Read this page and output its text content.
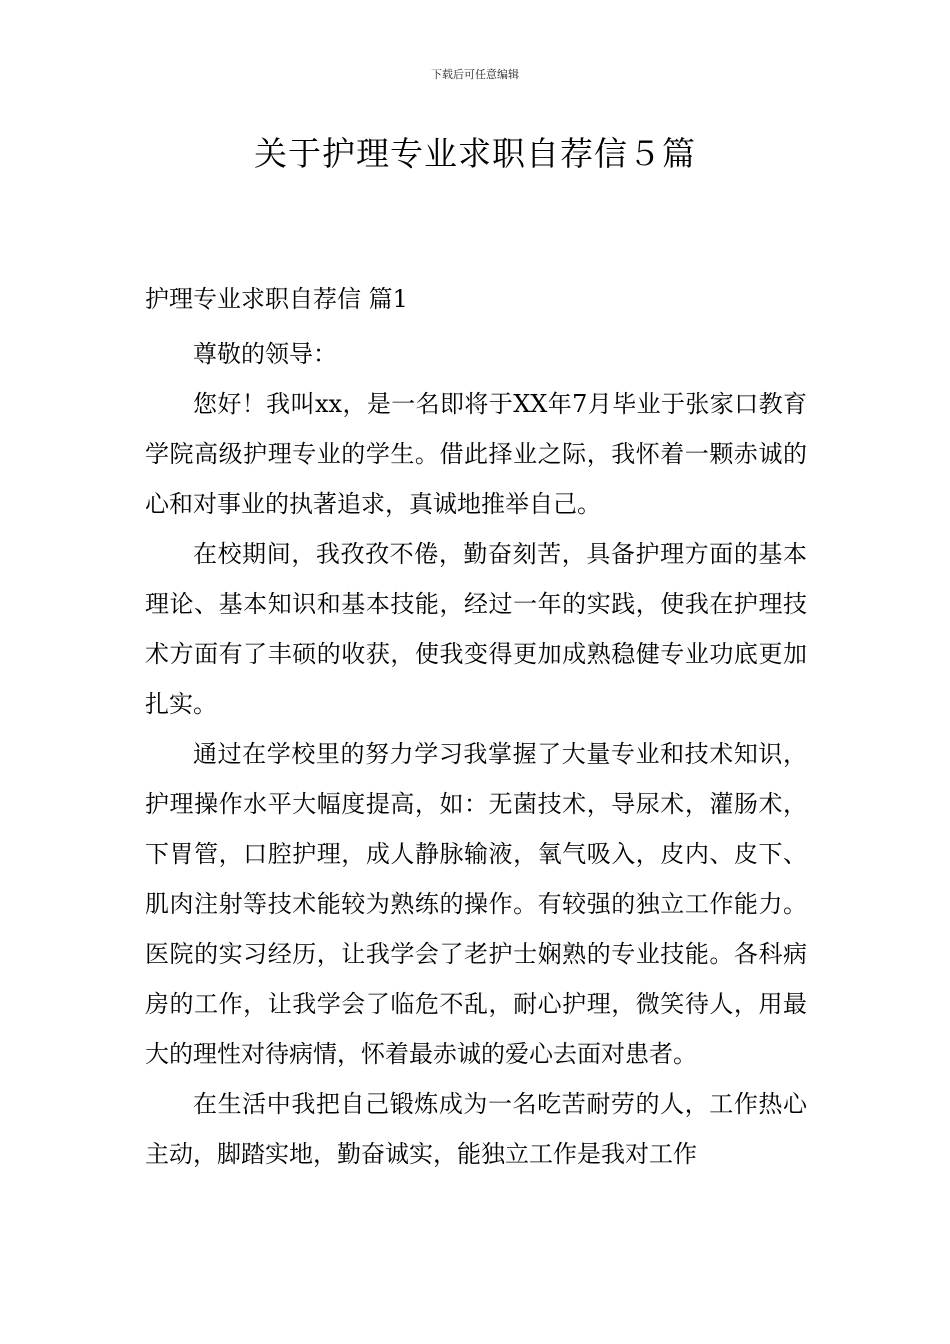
下载后可任意编辑
关于护理专业求职自荐信５篇
护理专业求职自荐信 篇1

尊敬的领导：

您好！我叫xx，是一名即将于XX年7月毕业于张家口教育学院高级护理专业的学生。借此择业之际，我怀着一颗赤诚的心和对事业的执著追求，真诚地推举自己。

在校期间，我孜孜不倦，勤奋刻苦，具备护理方面的基本理论、基本知识和基本技能，经过一年的实践，使我在护理技术方面有了丰硕的收获，使我变得更加成熟稳健专业功底更加扎实。

通过在学校里的努力学习我掌握了大量专业和技术知识，护理操作水平大幅度提高，如：无菌技术，导尿术，灌肠术，下胃管，口腔护理，成人静脉输液，氧气吸入，皮内、皮下、肌肉注射等技术能较为熟练的操作。有较强的独立工作能力。医院的实习经历，让我学会了老护士娴熟的专业技能。各科病房的工作，让我学会了临危不乱，耐心护理，微笑待人，用最大的理性对待病情，怀着最赤诚的爱心去面对患者。

在生活中我把自己锻炼成为一名吃苦耐劳的人，工作热心主动，脚踏实地，勤奋诚实，能独立工作是我对工作
